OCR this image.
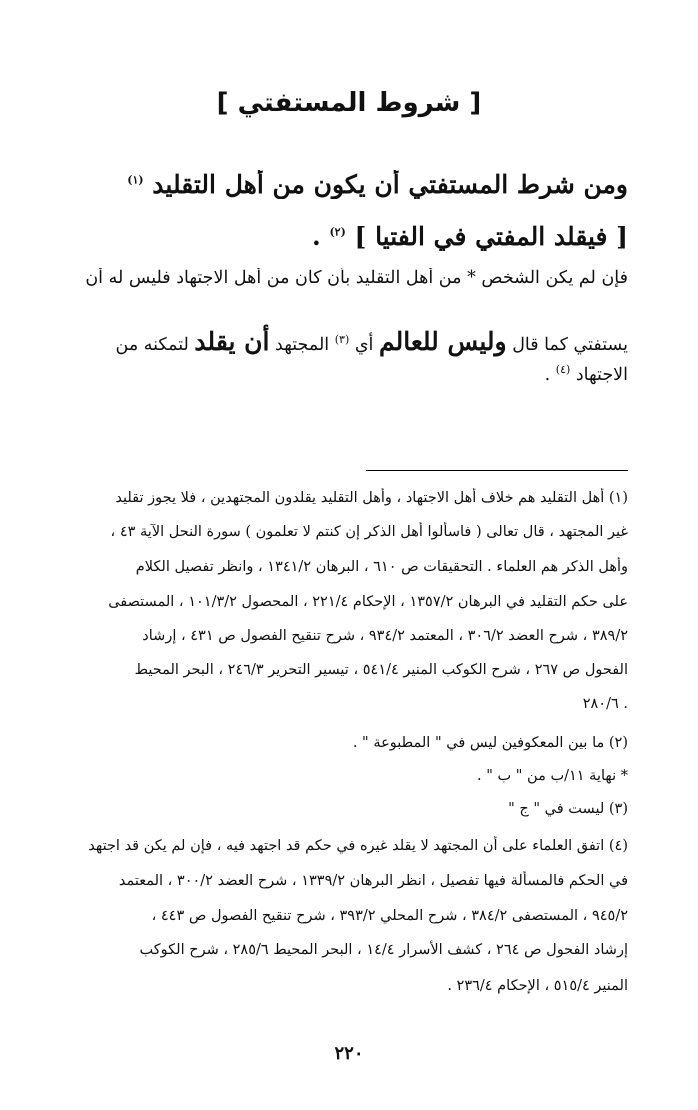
[ شروط المستفتي ]
ومن شرط المستفتي أن يكون من أهل التقليد $^{(١)}$
[ فيقلد المفتي في الفتيا ] $^{(٢)}$ .
فإن لم يكن الشخص * من أهل التقليد بأن كان من أهل الاجتهاد فليس له أن
يستفتي كما قال وليس للعالم أي $^{(٣)}$ المجتهد أن يقلد لتمكنه من
الاجتهاد $^{(٤)}$ .
(١) أهل التقليد هم خلاف أهل الاجتهاد ، وأهل التقليد يقلدون المجتهدين ، فلا يجوز تقليد
غير المجتهد ، قال تعالى ( فاسألوا أهل الذكر إن كنتم لا تعلمون ) سورة النحل الآية ٤٣ ،
وأهل الذكر هم العلماء . التحقيقات ص ٦١٠ ، البرهان ١٣٤١/٢ ، وانظر تفصيل الكلام
على حكم التقليد في البرهان ١٣٥٧/٢ ، الإحكام ٢٢١/٤ ، المحصول ١٠١/٣/٢ ، المستصفى
٣٨٩/٢ ، شرح العضد ٣٠٦/٢ ، المعتمد ٩٣٤/٢ ، شرح تنقيح الفصول ص ٤٣١ ، إرشاد
الفحول ص ٢٦٧ ، شرح الكوكب المنير ٥٤١/٤ ، تيسير التحرير ٢٤٦/٣ ، البحر المحيط
. ٢٨٠/٦
(٢) ما بين المعكوفين ليس في " المطبوعة " .
* نهاية ١١/ب من " ب " .
(٣) ليست في " ج "
(٤) اتفق العلماء على أن المجتهد لا يقلد غيره في حكم قد اجتهد فيه ، فإن لم يكن قد اجتهد
في الحكم فالمسألة فيها تفصيل ، انظر البرهان ١٣٣٩/٢ ، شرح العضد ٣٠٠/٢ ، المعتمد
٩٤٥/٢ ، المستصفى ٣٨٤/٢ ، شرح المحلي ٣٩٣/٢ ، شرح تنقيح الفصول ص ٤٤٣ ،
إرشاد الفحول ص ٢٦٤ ، كشف الأسرار ١٤/٤ ، البحر المحيط ٢٨٥/٦ ، شرح الكوكب
المنير ٥١٥/٤ ، الإحكام ٢٣٦/٤ .
٢٢٠
